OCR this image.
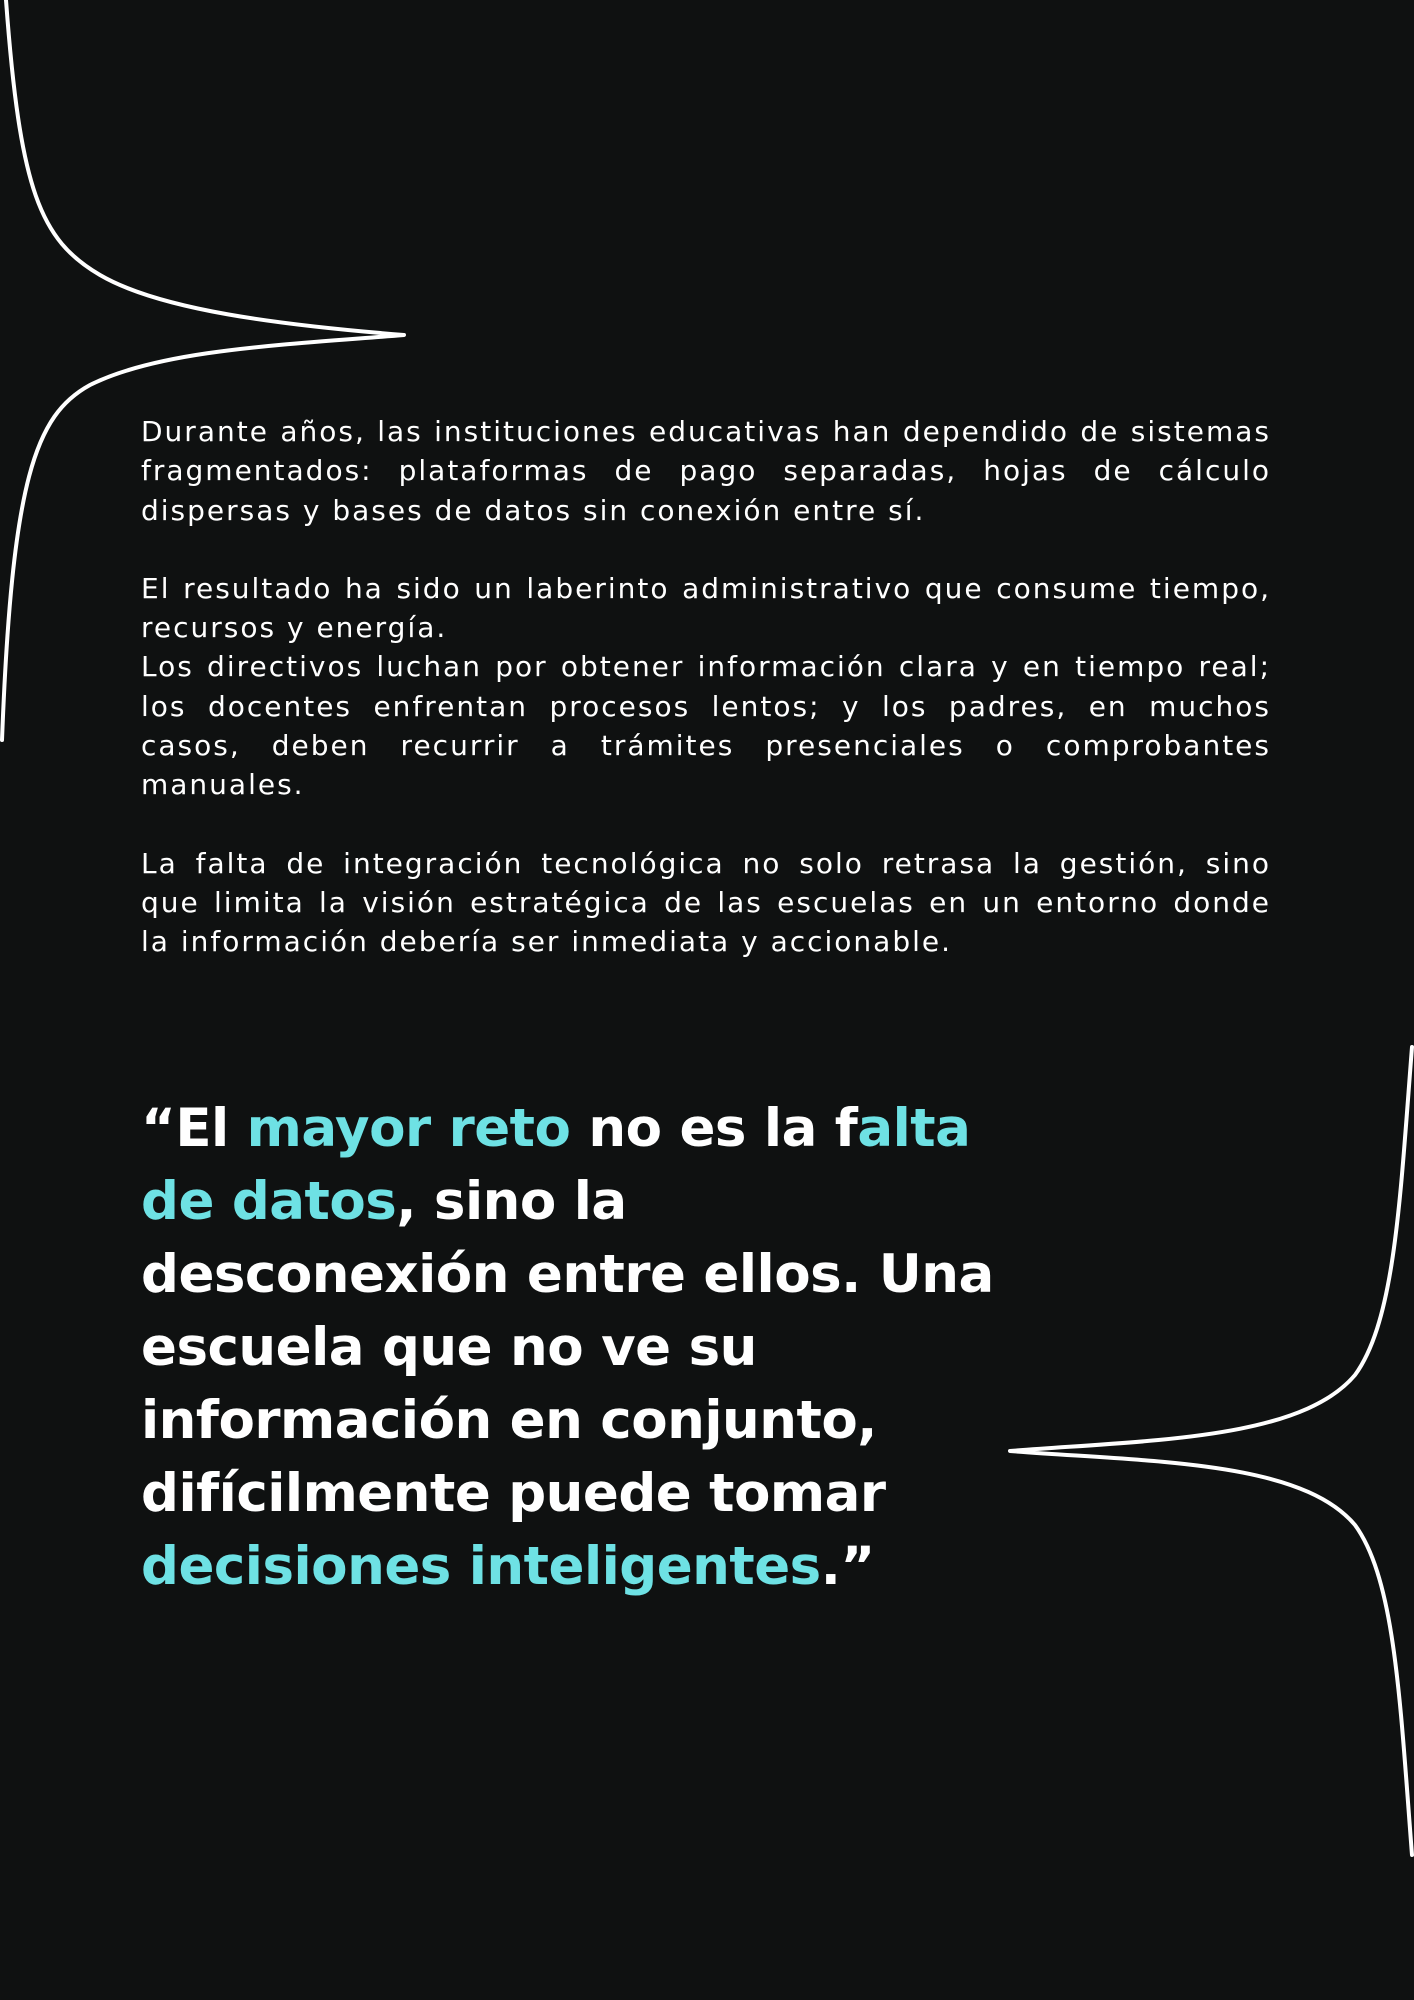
Durante años, las instituciones educativas han dependido de sistemas fragmentados: plataformas de pago separadas, hojas de cálculo dispersas y bases de datos sin conexión entre sí.

El resultado ha sido un laberinto administrativo que consume tiempo, recursos y energía.

Los directivos luchan por obtener información clara y en tiempo real; los docentes enfrentan procesos lentos; y los padres, en muchos casos, deben recurrir a trámites presenciales o comprobantes manuales.

La falta de integración tecnológica no solo retrasa la gestión, sino que limita la visión estratégica de las escuelas en un entorno donde la información debería ser inmediata y accionable.

“El mayor reto no es la falta de datos, sino la desconexión entre ellos. Una escuela que no ve su información en conjunto, difícilmente puede tomar decisiones inteligentes.”
